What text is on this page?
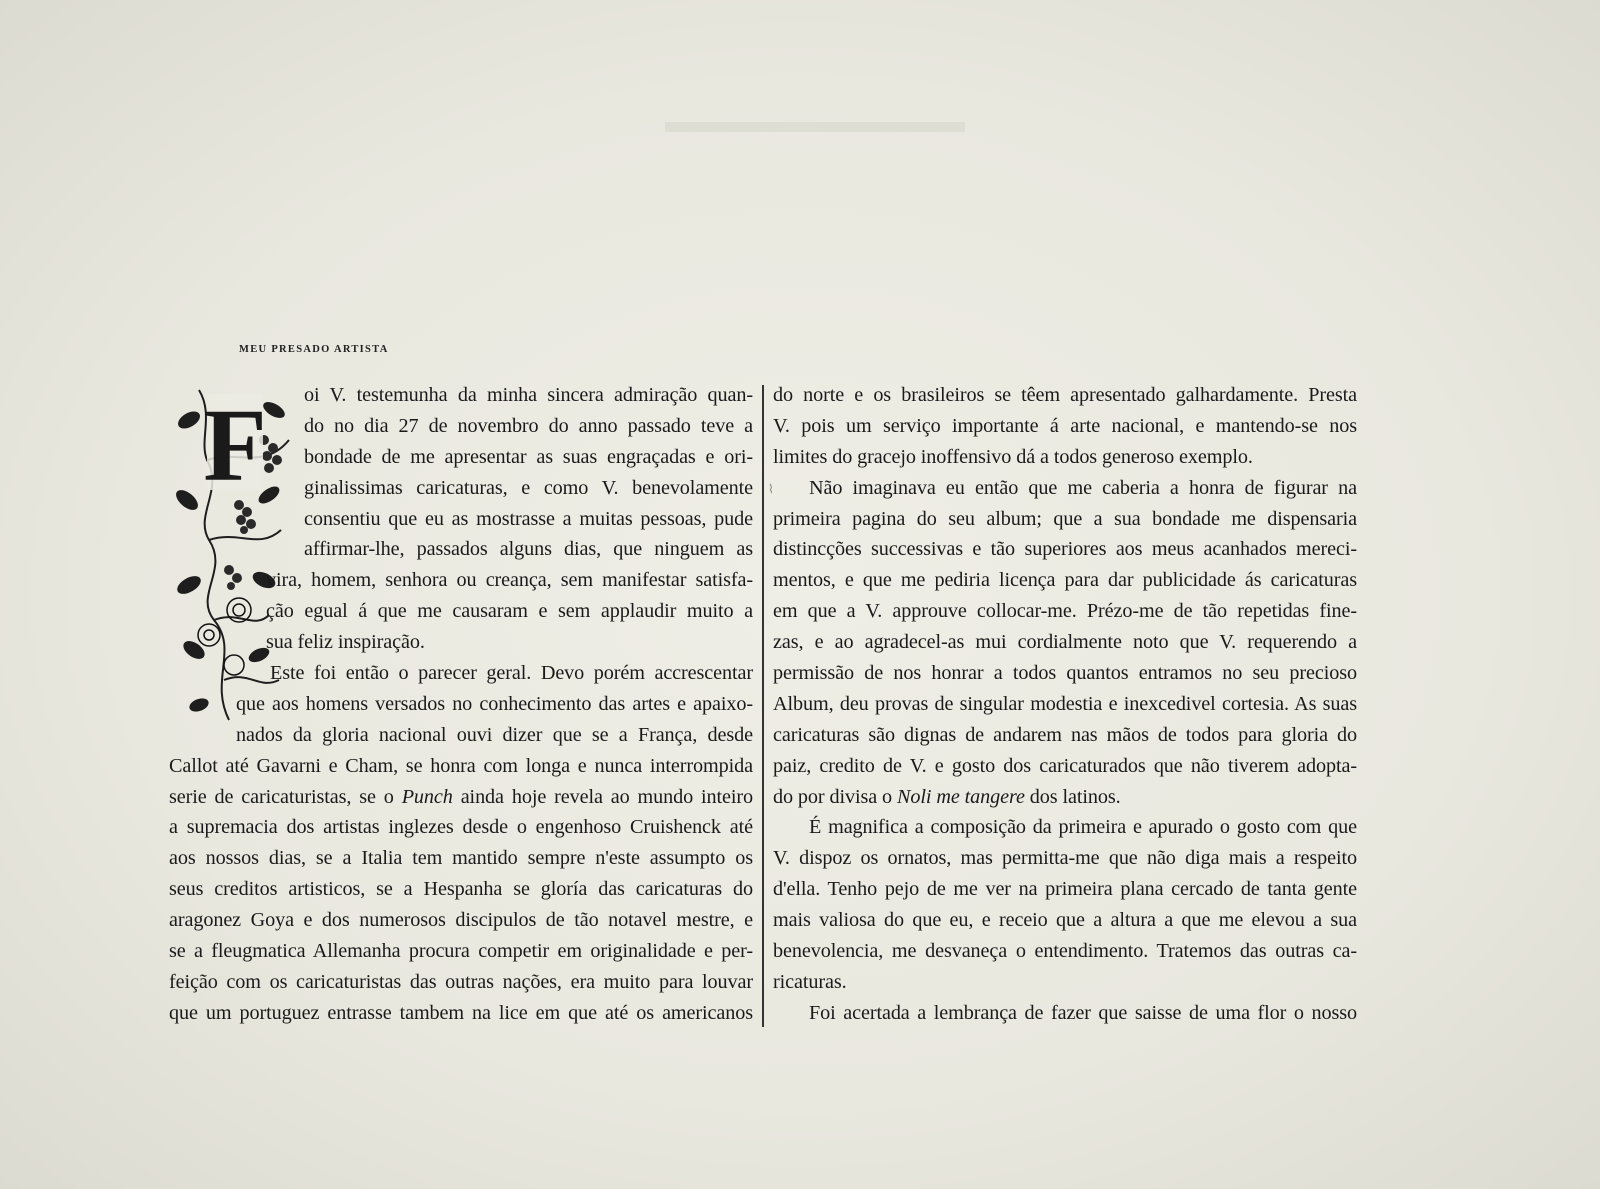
MEU PRESADO ARTISTA
F	oi V. testemunha da minha sincera admiração quan-
do no dia 27 de novembro do anno passado teve a
bondade de me apresentar as suas engraçadas e ori-
ginalissimas caricaturas, e como V. benevolamente
consentiu que eu as mostrasse a muitas pessoas, pude
affirmar-lhe, passados alguns dias, que ninguem as
vira, homem, senhora ou creança, sem manifestar satisfa-
ção egual á que me causaram e sem applaudir muito a
sua feliz inspiração.
Este foi então o parecer geral. Devo porém accrescentar
que aos homens versados no conhecimento das artes e apaixo-
nados da gloria nacional ouvi dizer que se a França, desde
Callot até Gavarni e Cham, se honra com longa e nunca interrompida
serie de caricaturistas, se o Punch ainda hoje revela ao mundo inteiro
a supremacia dos artistas inglezes desde o engenhoso Cruishenck até
aos nossos dias, se a Italia tem mantido sempre n'este assumpto os
seus creditos artisticos, se a Hespanha se gloría das caricaturas do
aragonez Goya e dos numerosos discipulos de tão notavel mestre, e
se a fleugmatica Allemanha procura competir em originalidade e per-
feição com os caricaturistas das outras nações, era muito para louvar
que um portuguez entrasse tambem na lice em que até os americanos
⌇
do norte e os brasileiros se têem apresentado galhardamente. Presta
V. pois um serviço importante á arte nacional, e mantendo-se nos
limites do gracejo inoffensivo dá a todos generoso exemplo.
Não imaginava eu então que me caberia a honra de figurar na
primeira pagina do seu album; que a sua bondade me dispensaria
distincções successivas e tão superiores aos meus acanhados mereci-
mentos, e que me pediria licença para dar publicidade ás caricaturas
em que a V. approuve collocar-me. Prézo-me de tão repetidas fine-
zas, e ao agradecel-as mui cordialmente noto que V. requerendo a
permissão de nos honrar a todos quantos entramos no seu precioso
Album, deu provas de singular modestia e inexcedivel cortesia. As suas
caricaturas são dignas de andarem nas mãos de todos para gloria do
paiz, credito de V. e gosto dos caricaturados que não tiverem adopta-
do por divisa o Noli me tangere dos latinos.
É magnifica a composição da primeira e apurado o gosto com que
V. dispoz os ornatos, mas permitta-me que não diga mais a respeito
d'ella. Tenho pejo de me ver na primeira plana cercado de tanta gente
mais valiosa do que eu, e receio que a altura a que me elevou a sua
benevolencia, me desvaneça o entendimento. Tratemos das outras ca-
ricaturas.
Foi acertada a lembrança de fazer que saisse de uma flor o nosso
